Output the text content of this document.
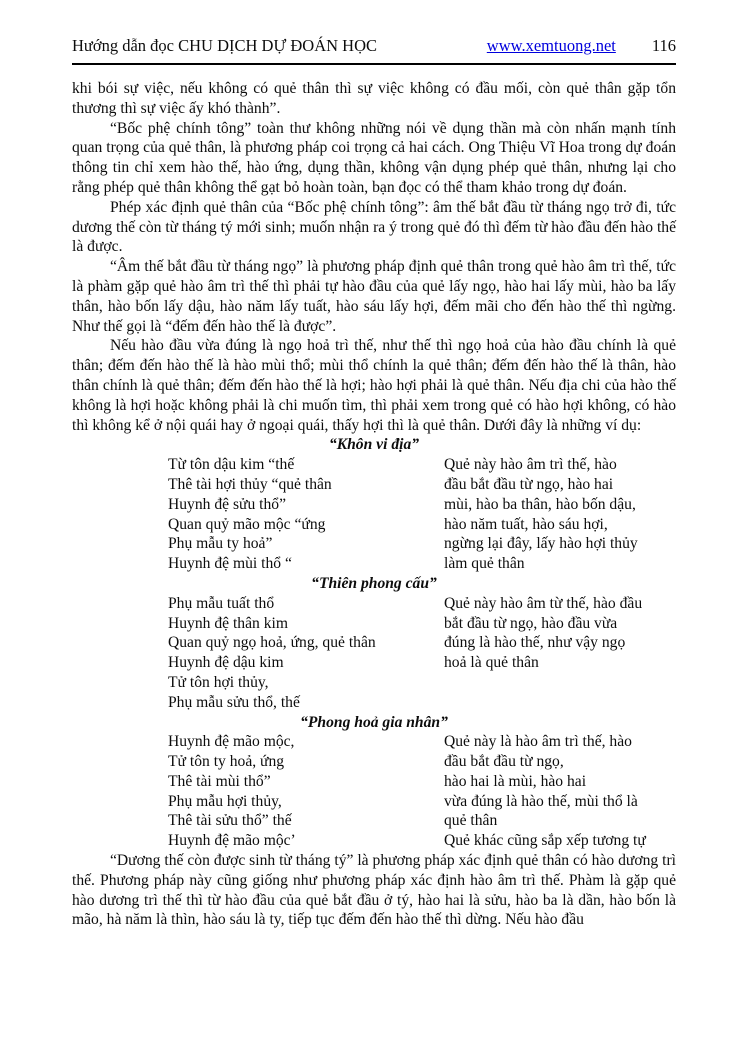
Hướng dẫn đọc CHU DỊCH DỰ ĐOÁN HỌC	www.xemtuong.net 116

khi bói sự việc, nếu không có quẻ thân thì sự việc không có đầu mối, còn quẻ thân gặp tổn thương thì sự việc ấy khó thành”.

“Bốc phệ chính tông” toàn thư không những nói về dụng thần mà còn nhấn mạnh tính quan trọng của quẻ thân, là phương pháp coi trọng cả hai cách. Ong Thiệu Vĩ Hoa trong dự đoán thông tin chỉ xem hào thế, hào ứng, dụng thần, không vận dụng phép quẻ thân, nhưng lại cho rằng phép quẻ thân không thể gạt bỏ hoàn toàn, bạn đọc có thể tham khảo trong dự đoán.

Phép xác định quẻ thân của “Bốc phệ chính tông”: âm thế bắt đầu từ tháng ngọ trở đi, tức dương thế còn từ tháng tý mới sinh; muốn nhận ra ý trong quẻ đó thì đếm từ hào đầu đến hào thế là được.

“Âm thế bắt đầu từ tháng ngọ” là phương pháp định quẻ thân trong quẻ hào âm trì thế, tức là phàm gặp quẻ hào âm trì thế thì phải tự hào đầu của quẻ lấy ngọ, hào hai lấy mùi, hào ba lấy thân, hào bốn lấy dậu, hào năm lấy tuất, hào sáu lấy hợi, đếm mãi cho đến hào thế thì ngừng. Như thế gọi là “đếm đến hào thế là được”.

Nếu hào đầu vừa đúng là ngọ hoả trì thế, như thế thì ngọ hoả của hào đầu chính là quẻ thân; đếm đến hào thế là hào mùi thổ; mùi thổ chính la quẻ thân; đếm đến hào thế là thân, hào thân chính là quẻ thân; đếm đến hào thế là hợi; hào hợi phải là quẻ thân. Nếu địa chi của hào thế không là hợi hoặc không phải là chi muốn tìm, thì phải xem trong quẻ có hào hợi không, có hào thì không kể ở nội quái hay ở ngoại quái, thấy hợi thì là quẻ thân. Dưới đây là những ví dụ:

“Khôn vi địa”
Từ tôn dậu kim “thế
Thê tài hợi thủy “quẻ thân
Huynh đệ sửu thổ”
Quan quỷ mão mộc “ứng
Phụ mẫu ty hoả”
Huynh đệ mùi thổ “
Quẻ này hào âm trì thế, hào
đầu bắt đầu từ ngọ, hào hai
mùi, hào ba thân, hào bốn dậu,
hào năm tuất, hào sáu hợi,
ngừng lại đây, lấy hào hợi thủy
làm quẻ thân
“Thiên phong cấu”
Phụ mẫu tuất thổ
Huynh đệ thân kim
Quan quỷ ngọ hoả, ứng, quẻ thân
Huynh đệ dậu kim
Tử tôn hợi thủy,
Phụ mẫu sửu thổ, thế
Quẻ này hào âm từ thế, hào đầu
bắt đầu từ ngọ, hào đầu vừa
đúng là hào thế, như vậy ngọ
hoả là quẻ thân
“Phong hoả gia nhân”
Huynh đệ mão mộc,
Tử tôn ty hoả, ứng
Thê tài mùi thổ”
Phụ mẫu hợi thủy,
Thê tài sửu thổ” thế
Huynh đệ mão mộc’
Quẻ này là hào âm trì thế, hào
đầu bắt đầu từ ngọ,
hào hai là mùi, hào hai
vừa đúng là hào thế, mùi thổ là
quẻ thân
Quẻ khác cũng sắp xếp tương tự

“Dương thế còn được sinh từ tháng tý” là phương pháp xác định quẻ thân có hào dương trì thế. Phương pháp này cũng giống như phương pháp xác định hào âm trì thế. Phàm là gặp quẻ hào dương trì thế thì từ hào đầu của quẻ bắt đầu ở tý, hào hai là sửu, hào ba là dần, hào bốn là mão, hà năm là thìn, hào sáu là ty, tiếp tục đếm đến hào thế thì dừng. Nếu hào đầu
